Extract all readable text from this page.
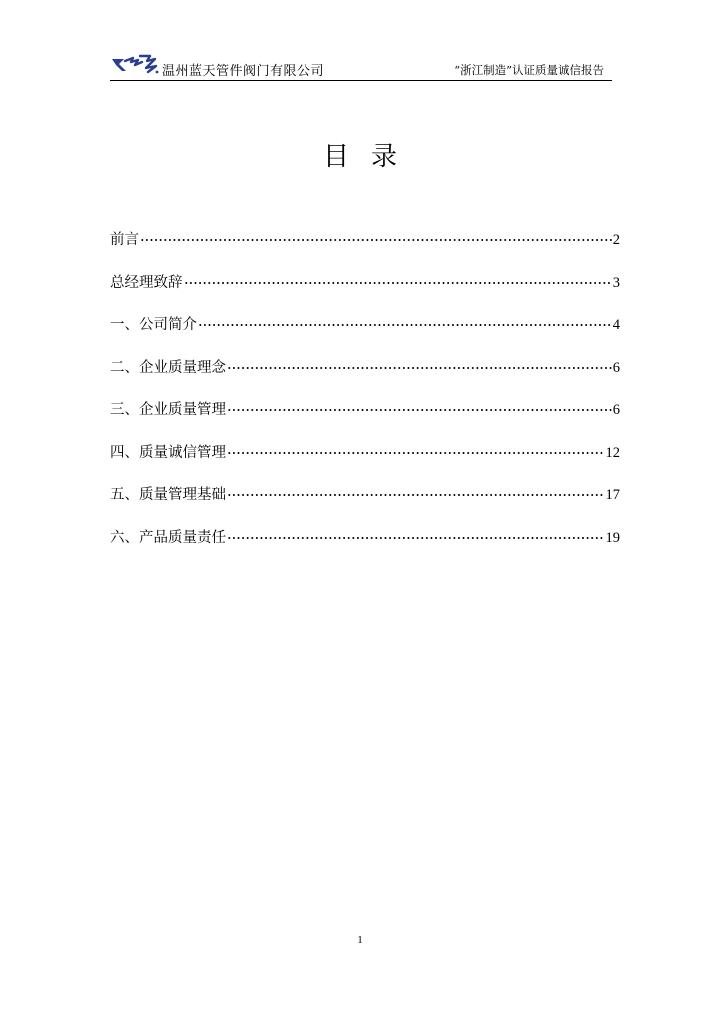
温州蓝天管件阀门有限公司	“浙江制造”认证质量诚信报告
目录
前言	2
总经理致辞	3
一、公司简介	4
二、企业质量理念	6
三、企业质量管理	6
四、质量诚信管理	12
五、质量管理基础	17
六、产品质量责任	19
1
